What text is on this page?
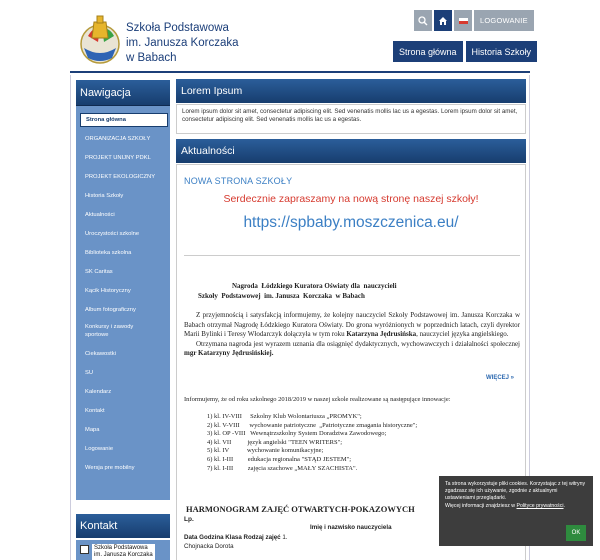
Szkoła Podstawowa
im. Janusza Korczaka
w Babach
LOGOWANIE
Strona główna	Historia Szkoły
Nawigacja
Strona główna
ORGANIZACJA SZKOŁY
PROJEKT UNIJNY PDKL
PROJEKT EKOLOGICZNY
Historia Szkoły
Aktualności
Uroczystości szkolne
Biblioteka szkolna
SK Caritas
Kącik Historyczny
Album fotograficzny
Konkursy i zawody
sportowe
Ciekawostki
SU
Kalendarz
Kontakt
Mapa
Logowanie
Wersja pre mobilny
Kontakt
Szkoła Podstawowa
im. Janusza Korczaka
Lorem Ipsum
Lorem ipsum dolor sit amet, consectetur adipiscing elit. Sed venenatis mollis lac us a egestas. Lorem ipsum dolor sit amet, consectetur adipiscing elit. Sed venenatis mollis lac us a egestas.
Aktualności
NOWA STRONA SZKOŁY
Serdecznie zapraszamy na nową stronę naszej szkoły!
https://spbaby.moszczenica.eu/
Nagroda  Łódzkiego Kuratora Oświaty dla  nauczycieli
Szkoły  Podstawowej  im. Janusza  Korczaka  w Babach

Z przyjemnością i satysfakcją informujemy, że kolejny nauczyciel Szkoły Podstawowej im. Janusza Korczaka w Babach otrzymał Nagrodę Łódzkiego Kuratora Oświaty. Do grona wyróżnionych w poprzednich latach, czyli dyrektor Marii Bylinki i Teresy Włodarczyk dołączyła w tym roku Katarzyna Jędrusińska, nauczyciel języka angielskiego.

Otrzymana nagroda jest wyrazem uznania dla osiągnięć dydaktycznych, wychowawczych i działalności społecznej mgr Katarzyny Jędrusińskiej.

WIĘCEJ »
Informujemy, że od roku szkolnego 2018/2019 w naszej szkole realizowane są następujące innowacje:
1) kl. IV-VIII     Szkolny Klub Wolontariusza „PROMYK";
2) kl. V-VIII      wychowanie patriotyczne  „Patriotyczne zmagania historyczne";
3) kl. OP -VIII   Wewnątrzszkolny System Doradztwa Zawodowego;
4) kl. VII          język angielski "TEEN WRITERS";
5) kl. IV           wychowanie komunikacyjne;
6) kl. I-III         edukacja regionalna "STĄD JESTEM";
7) kl. I-III         zajęcia szachowe „MAŁY SZACHISTA".
HARMONOGRAM ZAJĘĆ OTWARTYCH-POKAZOWYCH
Lp.
Imię i nazwisko nauczyciela
Data Godzina Klasa Rodzaj zajęć 1.
Chojnacka Dorota
Ta strona wykorzystuje pliki cookies. Korzystając z tej witryny zgadzasz się ich używanie, zgodnie z aktualnymi ustawieniami przeglądarki.
Więcej informacji znajdziesz w Polityce prywatności.
OK
